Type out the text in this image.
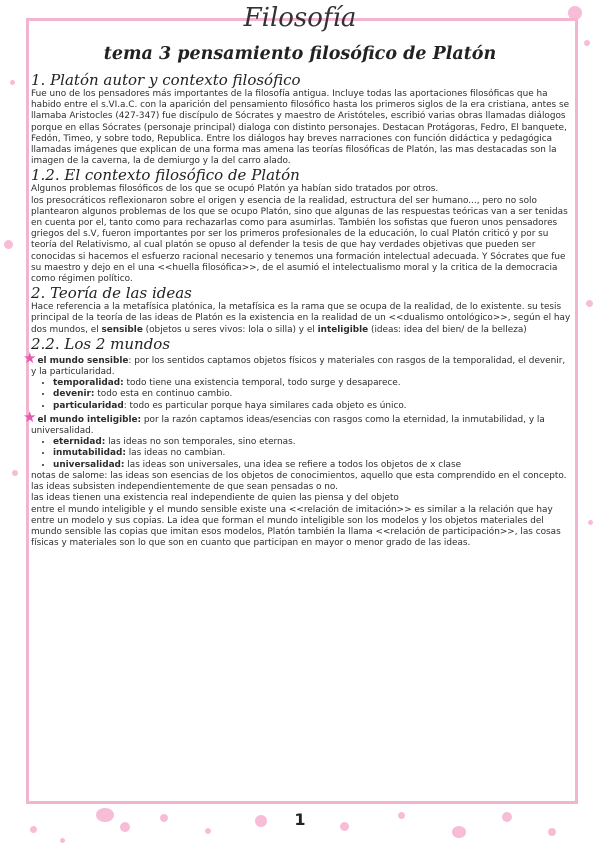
Filosofía
tema 3 pensamiento filosófico de Platón
1. Platón autor y contexto filosófico

Fue uno de los pensadores más importantes de la filosofía antigua. Incluye todas las aportaciones filosóficas que ha habido entre el s.VI.a.C. con la aparición del pensamiento filosófico hasta los primeros siglos de la era cristiana, antes se llamaba Aristocles (427-347) fue discípulo de Sócrates y maestro de Aristóteles, escribió varias obras llamadas diálogos porque en ellas Sócrates (personaje principal) dialoga con distinto personajes. Destacan Protágoras, Fedro, El banquete, Fedón, Timeo, y sobre todo, Republica. Entre los diálogos hay breves narraciones con función didáctica y pedagógica llamadas imágenes que explican de una forma mas amena las teorías filosóficas de Platón, las mas destacadas son la imagen de la caverna, la de demiurgo y la del carro alado.

1.2. El contexto filosófico de Platón

Algunos problemas filosóficos de los que se ocupó Platón ya habían sido tratados por otros.

los presocráticos reflexionaron sobre el origen y esencia de la realidad, estructura del ser humano..., pero no solo plantearon algunos problemas de los que se ocupo Platón, sino que algunas de las respuestas teóricas van a ser tenidas en cuenta por el, tanto como para rechazarlas como para asumirlas. También los sofistas que fueron unos pensadores griegos del s.V, fueron importantes por ser los primeros profesionales de la educación, lo cual Platón criticó y por su teoría del Relativismo, al cual platón se opuso al defender la tesis de que hay verdades objetivas que pueden ser conocidas si hacemos el esfuerzo racional necesario y tenemos una formación intelectual adecuada. Y Sócrates que fue su maestro y dejo en el una <<huella filosófica>>, de el asumió el intelectualismo moral y la critica de la democracia como régimen político.

2. Teoría de las ideas

Hace referencia a la metafísica platónica, la metafísica es la rama que se ocupa de la realidad, de lo existente. su tesis principal de la teoría de las ideas de Platón es la existencia en la realidad de un <<dualismo ontológico>>, según el hay dos mundos, el sensible (objetos u seres vivos: lola o silla) y el inteligible (ideas: idea del bien/ de la belleza)

2.2. Los 2 mundos

★el mundo sensible: por los sentidos captamos objetos físicos y materiales con rasgos de la temporalidad, el devenir, y la particularidad.

• temporalidad: todo tiene una existencia temporal, todo surge y desaparece.
• devenir: todo esta en continuo cambio.
• particularidad: todo es particular porque haya similares cada objeto es único.

★el mundo inteligible: por la razón captamos ideas/esencias con rasgos como la eternidad, la inmutabilidad, y la universalidad.

• eternidad: las ideas no son temporales, sino eternas.
• inmutabilidad: las ideas no cambian.
• universalidad: las ideas son universales, una idea se refiere a todos los objetos de x clase

notas de salome: las ideas son esencias de los objetos de conocimientos, aquello que esta comprendido en el concepto.

las ideas subsisten independientemente de que sean pensadas o no.

las ideas tienen una existencia real independiente de quien las piensa y del objeto

entre el mundo inteligible y el mundo sensible existe una <<relación de imitación>> es similar a la relación que hay entre un modelo y sus copias. La idea que forman el mundo inteligible son los modelos y los objetos materiales del mundo sensible las copias que imitan esos modelos, Platón también la llama <<relación de participación>>, las cosas físicas y materiales son lo que son en cuanto que participan en mayor o menor grado de las ideas.

1
